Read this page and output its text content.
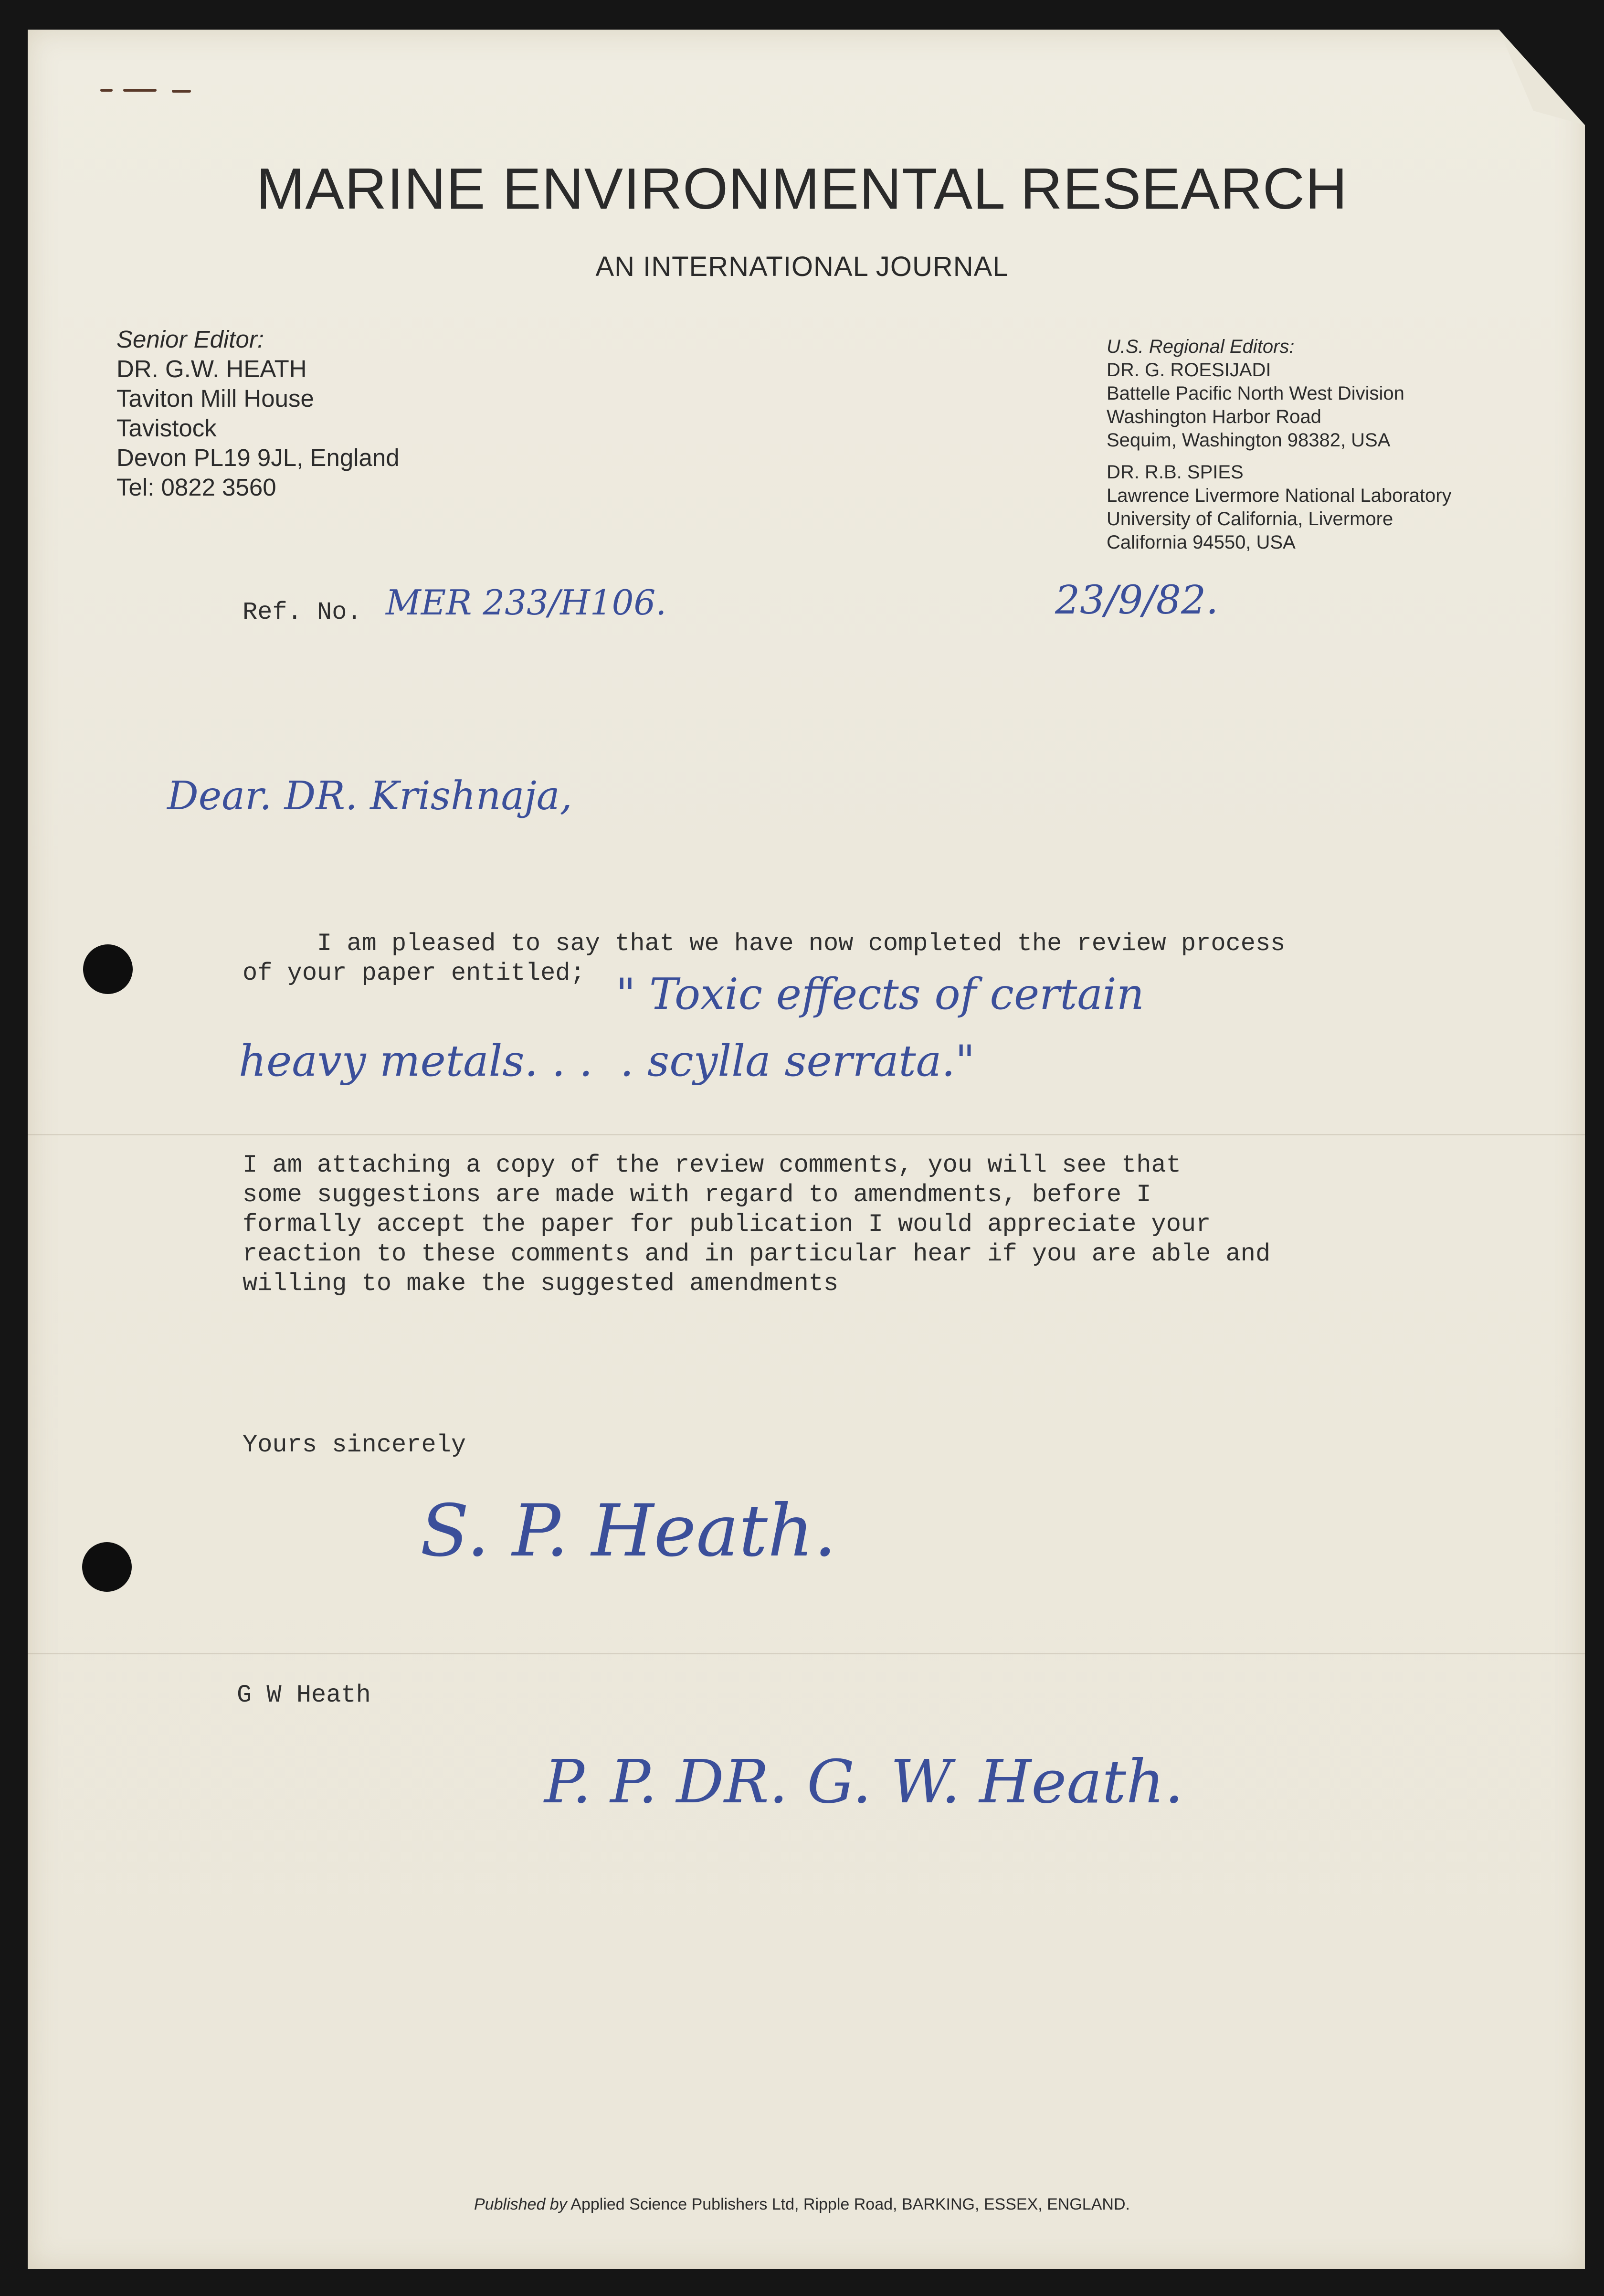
MARINE ENVIRONMENTAL RESEARCH
AN INTERNATIONAL JOURNAL
Senior Editor:
DR. G.W. HEATH
Taviton Mill House
Tavistock
Devon PL19 9JL, England
Tel: 0822 3560
U.S. Regional Editors:
DR. G. ROESIJADI
Battelle Pacific North West Division
Washington Harbor Road
Sequim, Washington 98382, USA
DR. R.B. SPIES
Lawrence Livermore National Laboratory
University of California, Livermore
California 94550, USA
Ref. No. MER 233/H106.	23/9/82.
Dear. DR. Krishnaja,
I am pleased to say that we have now completed the review process
of your paper entitled; " Toxic effects of certain
heavy metals. . .  . scylla serrata."
I am attaching a copy of the review comments, you will see that
some suggestions are made with regard to amendments, before I
formally accept the paper for publication I would appreciate your
reaction to these comments and in particular hear if you are able and
willing to make the suggested amendments
Yours sincerely
S. P. Heath.
G W Heath
P. P. DR. G. W. Heath.
Published by Applied Science Publishers Ltd, Ripple Road, BARKING, ESSEX, ENGLAND.
